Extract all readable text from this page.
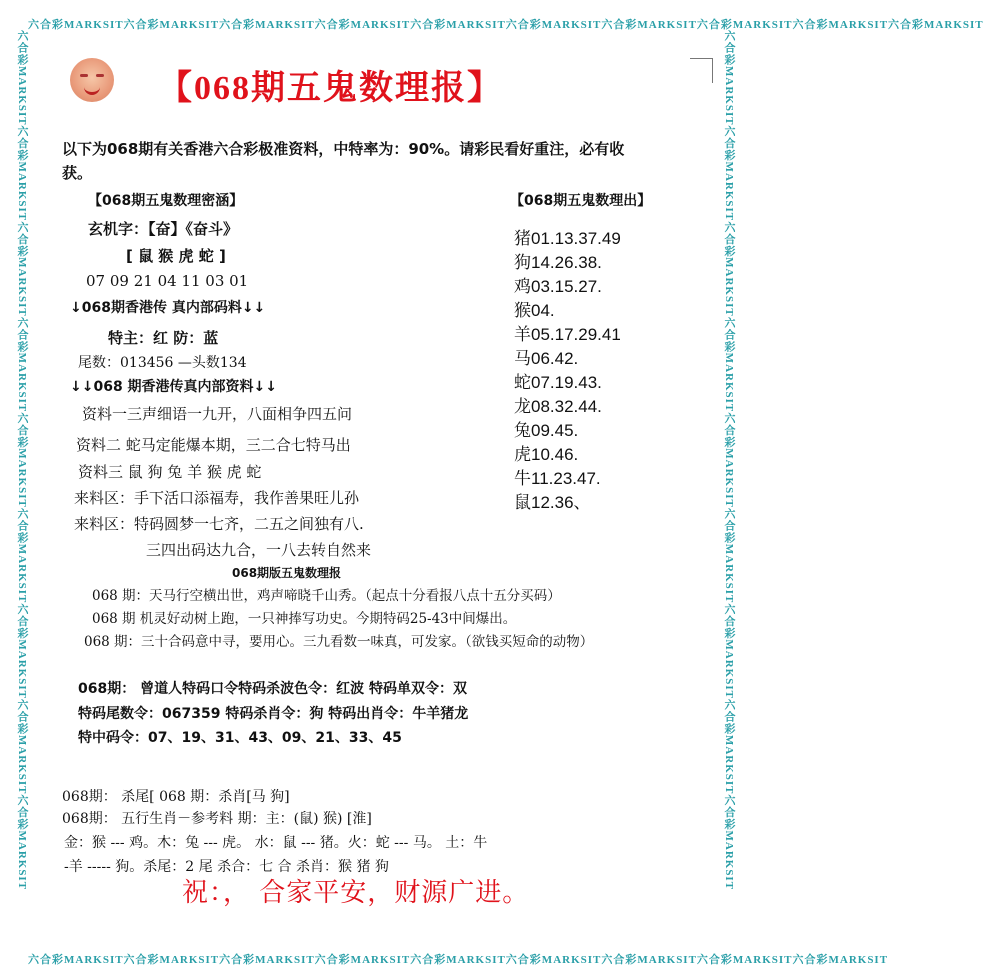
六合彩MARKSIT六合彩MARKSIT六合彩MARKSIT六合彩MARKSIT六合彩MARKSIT六合彩MARKSIT六合彩MARKSIT六合彩MARKSIT六合彩MARKSIT六合彩MARKSIT
六合彩MARKSIT六合彩MARKSIT六合彩MARKSIT六合彩MARKSIT六合彩MARKSIT六合彩MARKSIT六合彩MARKSIT六合彩MARKSIT六合彩MARKSIT
六合彩MARKSIT六合彩MARKSIT六合彩MARKSIT六合彩MARKSIT六合彩MARKSIT六合彩MARKSIT六合彩MARKSIT六合彩MARKSIT六合彩MARKSIT	六合彩MARKSIT六合彩MARKSIT六合彩MARKSIT六合彩MARKSIT六合彩MARKSIT六合彩MARKSIT六合彩MARKSIT六合彩MARKSIT六合彩MARKSIT
【068期五鬼数理报】
以下为068期有关香港六合彩极准资料，中特率为：90%。请彩民看好重注，必有收
获。
【068期五鬼数理密涵】	【068期五鬼数理出】
玄机字：【奋】《奋斗》
[ 鼠 猴 虎 蛇 ]
07 09 21 04 11 03 01
↓068期香港传 真内部码料↓↓
特主：红 防：蓝
尾数：013456 —头数134
↓↓068 期香港传真内部资料↓↓
资料一三声细语一九开，八面相争四五问
资料二 蛇马定能爆本期，三二合七特马出
资料三 鼠 狗 兔 羊 猴 虎 蛇
来料区：手下活口添福寿，我作善果旺儿孙
来料区：特码圆梦一七齐，二五之间独有八.
三四出码达九合，一八去转自然来
猪01.13.37.49
狗14.26.38.
鸡03.15.27.
猴04.
羊05.17.29.41
马06.42.
蛇07.19.43.
龙08.32.44.
兔09.45.
虎10.46.
牛11.23.47.
鼠12.36、
068期版五鬼数理报
068 期：天马行空横出世，鸡声啼晓千山秀。（起点十分看报八点十五分买码）
068 期 机灵好动树上跑，一只神捧写功史。今期特码25-43中间爆出。
068 期：三十合码意中寻，要用心。三九看数一味真，可发家。（欲钱买短命的动物）
068期： 曾道人特码口令特码杀波色令：红波 特码单双令：双
特码尾数令：067359 特码杀肖令：狗 特码出肖令：牛羊猪龙
特中码令：07、19、31、43、09、21、33、45
068期： 杀尾[ 068 期：杀肖[马 狗]
068期： 五行生肖－参考料 期：主：(鼠) 猴) [淮]
金：猴 --- 鸡。木：兔 --- 虎。 水：鼠 --- 猪。火：蛇 --- 马。 土：牛
-羊 ----- 狗。杀尾：2 尾 杀合：七 合 杀肖：猴 猪 狗
祝：， 合家平安，财源广进。
